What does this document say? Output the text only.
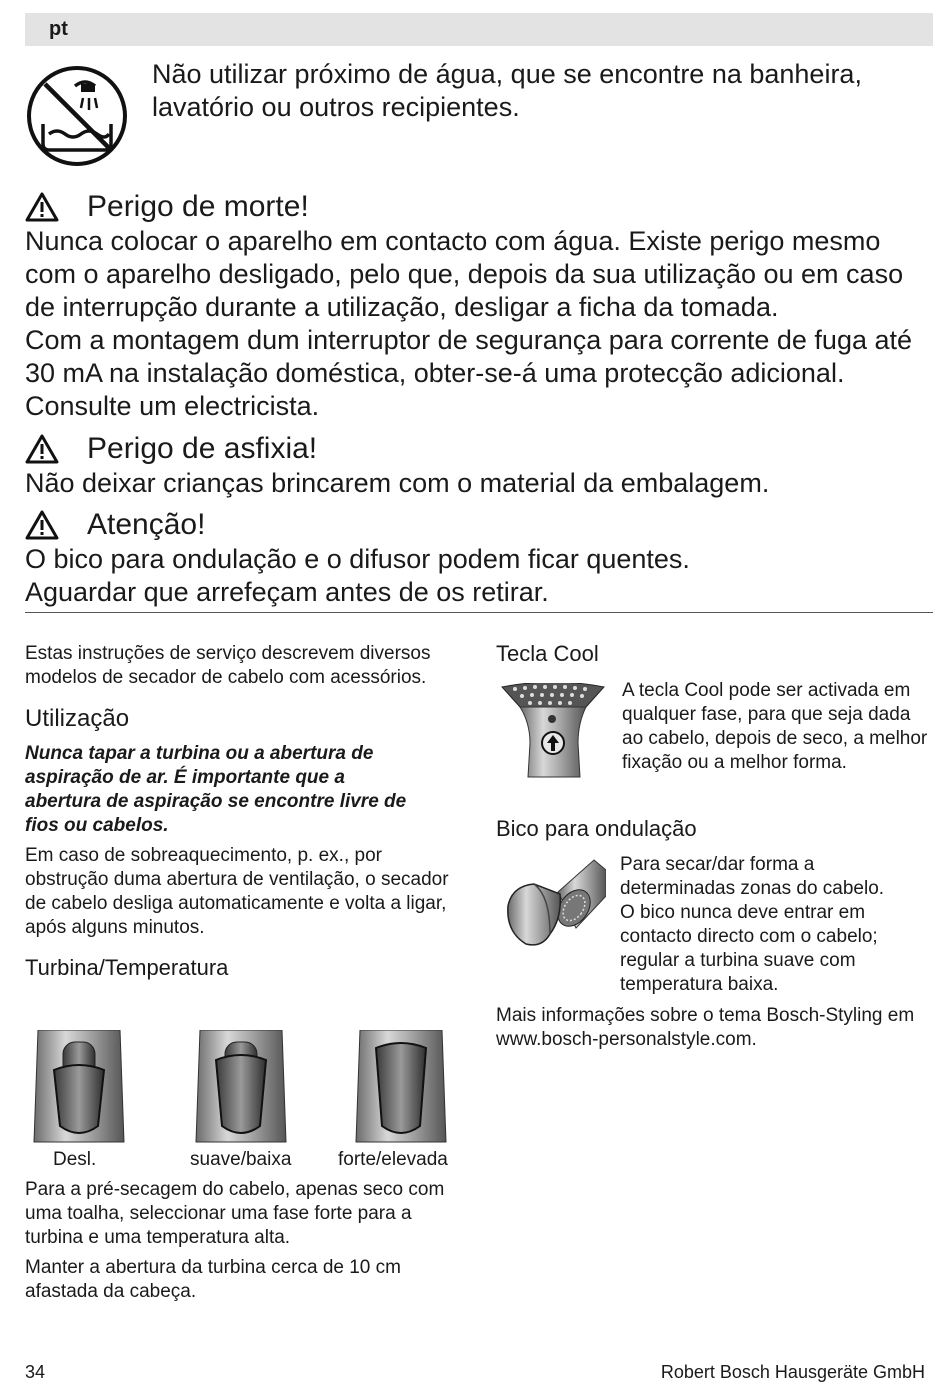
pt
Não utilizar próximo de água, que se encontre na banheira, lavatório ou outros recipientes.
Perigo de morte!
Nunca colocar o aparelho em contacto com água. Existe perigo mesmo com o aparelho desligado, pelo que, depois da sua utilização ou em caso de interrupção durante a utilização, desligar a ficha da tomada.
Com a montagem dum interruptor de segurança para corrente de fuga até 30 mA na instalação doméstica, obter-se-á uma protecção adicional. Consulte um electricista.
Perigo de asfixia!
Não deixar crianças brincarem com o material da embalagem.
Atenção!
O bico para ondulação e o difusor podem ficar quentes.
Aguardar que arrefeçam antes de os retirar.

Estas instruções de serviço descrevem diversos modelos de secador de cabelo com acessórios.

Utilização

Nunca tapar a turbina ou a abertura de aspiração de ar. É importante que a abertura de aspiração se encontre livre de fios ou cabelos.

Em caso de sobreaquecimento, p. ex., por obstrução duma abertura de ventilação, o secador de cabelo desliga automaticamente e volta a ligar, após alguns minutos.

Turbina/Temperatura

Desl.	suave/baixa forte/elevada

Para a pré-secagem do cabelo, apenas seco com uma toalha, seleccionar uma fase forte para a turbina e uma temperatura alta.

Manter a abertura da turbina cerca de 10 cm afastada da cabeça.

Tecla Cool
A tecla Cool pode ser activada em qualquer fase, para que seja dada ao cabelo, depois de seco, a melhor fixação ou a melhor forma.
Bico para ondulação

Para secar/dar forma a determinadas zonas do cabelo.

O bico nunca deve entrar em contacto directo com o cabelo; regular a turbina suave com temperatura baixa.

Mais informações sobre o tema Bosch-Styling em www.bosch-personalstyle.com.
34	Robert Bosch Hausgeräte GmbH
